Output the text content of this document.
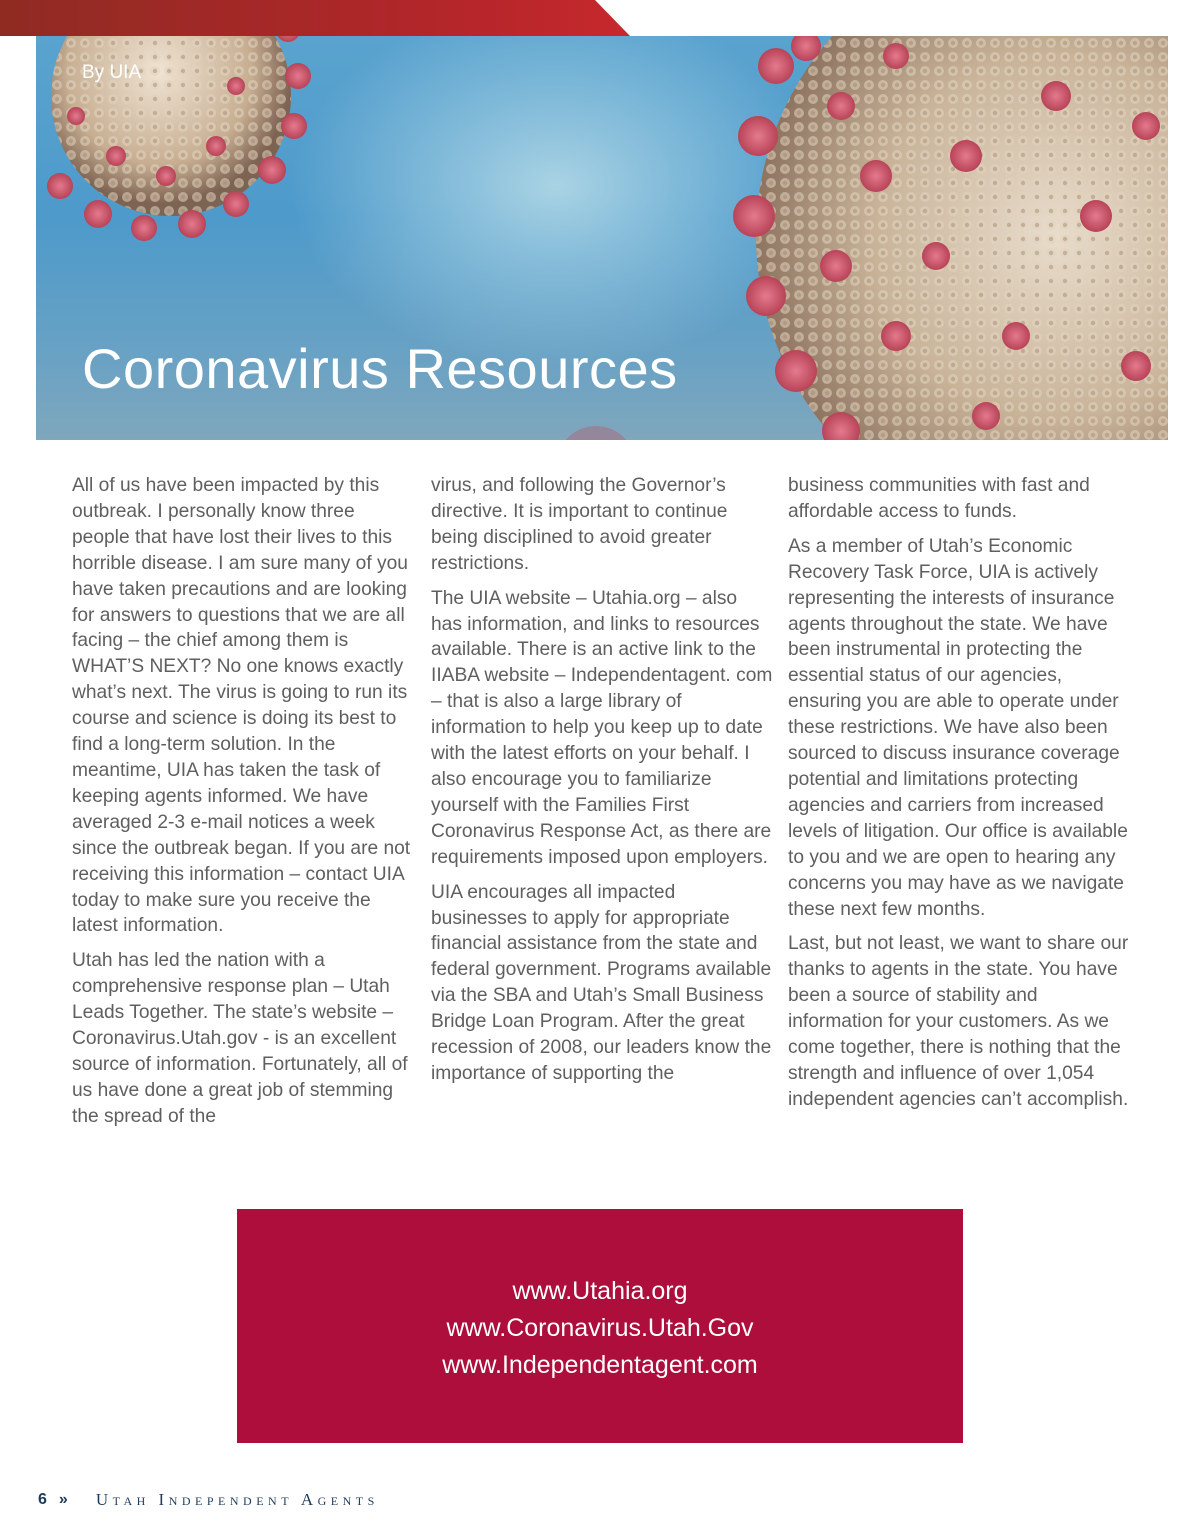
By UIA
Coronavirus Resources

All of us have been impacted by this outbreak. I personally know three people that have lost their lives to this horrible disease. I am sure many of you have taken precautions and are looking for answers to questions that we are all facing – the chief among them is WHAT’S NEXT? No one knows exactly what’s next. The virus is going to run its course and science is doing its best to find a long-term solution. In the meantime, UIA has taken the task of keeping agents informed. We have averaged 2-3 e-mail notices a week since the outbreak began. If you are not receiving this information – contact UIA today to make sure you receive the latest information.

Utah has led the nation with a comprehensive response plan – Utah Leads Together. The state’s website – Coronavirus.Utah.gov - is an excellent source of information. Fortunately, all of us have done a great job of stemming the spread of the

virus, and following the Governor’s directive. It is important to continue being disciplined to avoid greater restrictions.

The UIA website – Utahia.org – also has information, and links to resources available. There is an active link to the IIABA website – Independentagent. com – that is also a large library of information to help you keep up to date with the latest efforts on your behalf. I also encourage you to familiarize yourself with the Families First Coronavirus Response Act, as there are requirements imposed upon employers.

UIA encourages all impacted businesses to apply for appropriate financial assistance from the state and federal government. Programs available via the SBA and Utah’s Small Business Bridge Loan Program. After the great recession of 2008, our leaders know the importance of supporting the

business communities with fast and affordable access to funds.

As a member of Utah’s Economic Recovery Task Force, UIA is actively representing the interests of insurance agents throughout the state. We have been instrumental in protecting the essential status of our agencies, ensuring you are able to operate under these restrictions. We have also been sourced to discuss insurance coverage potential and limitations protecting agencies and carriers from increased levels of litigation. Our office is available to you and we are open to hearing any concerns you may have as we navigate these next few months.

Last, but not least, we want to share our thanks to agents in the state. You have been a source of stability and information for your customers. As we come together, there is nothing that the strength and influence of over 1,054 independent agencies can’t accomplish.

www.Utahia.org
www.Coronavirus.Utah.Gov
www.Independentagent.com
6 » Utah Independent Agents
